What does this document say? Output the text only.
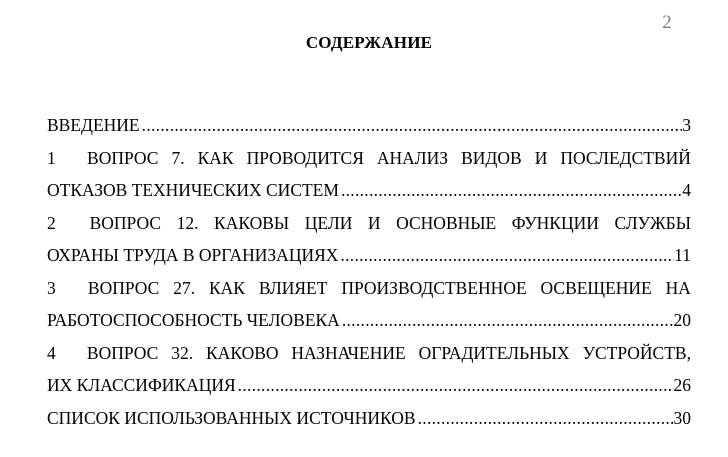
2
СОДЕРЖАНИЕ
ВВЕДЕНИЕ .....	3
1	ВОПРОС 7. КАК ПРОВОДИТСЯ АНАЛИЗ ВИДОВ И ПОСЛЕДСТВИЙ
ОТКАЗОВ ТЕХНИЧЕСКИХ СИСТЕМ .....	4
2	ВОПРОС 12. КАКОВЫ ЦЕЛИ И ОСНОВНЫЕ ФУНКЦИИ СЛУЖБЫ
ОХРАНЫ ТРУДА В ОРГАНИЗАЦИЯХ .....	11
3	ВОПРОС 27. КАК ВЛИЯЕТ ПРОИЗВОДСТВЕННОЕ ОСВЕЩЕНИЕ НА
РАБОТОСПОСОБНОСТЬ ЧЕЛОВЕКА .....	20
4	ВОПРОС 32. КАКОВО НАЗНАЧЕНИЕ ОГРАДИТЕЛЬНЫХ УСТРОЙСТВ,
ИХ КЛАССИФИКАЦИЯ .....	26
СПИСОК ИСПОЛЬЗОВАННЫХ ИСТОЧНИКОВ .....	30
